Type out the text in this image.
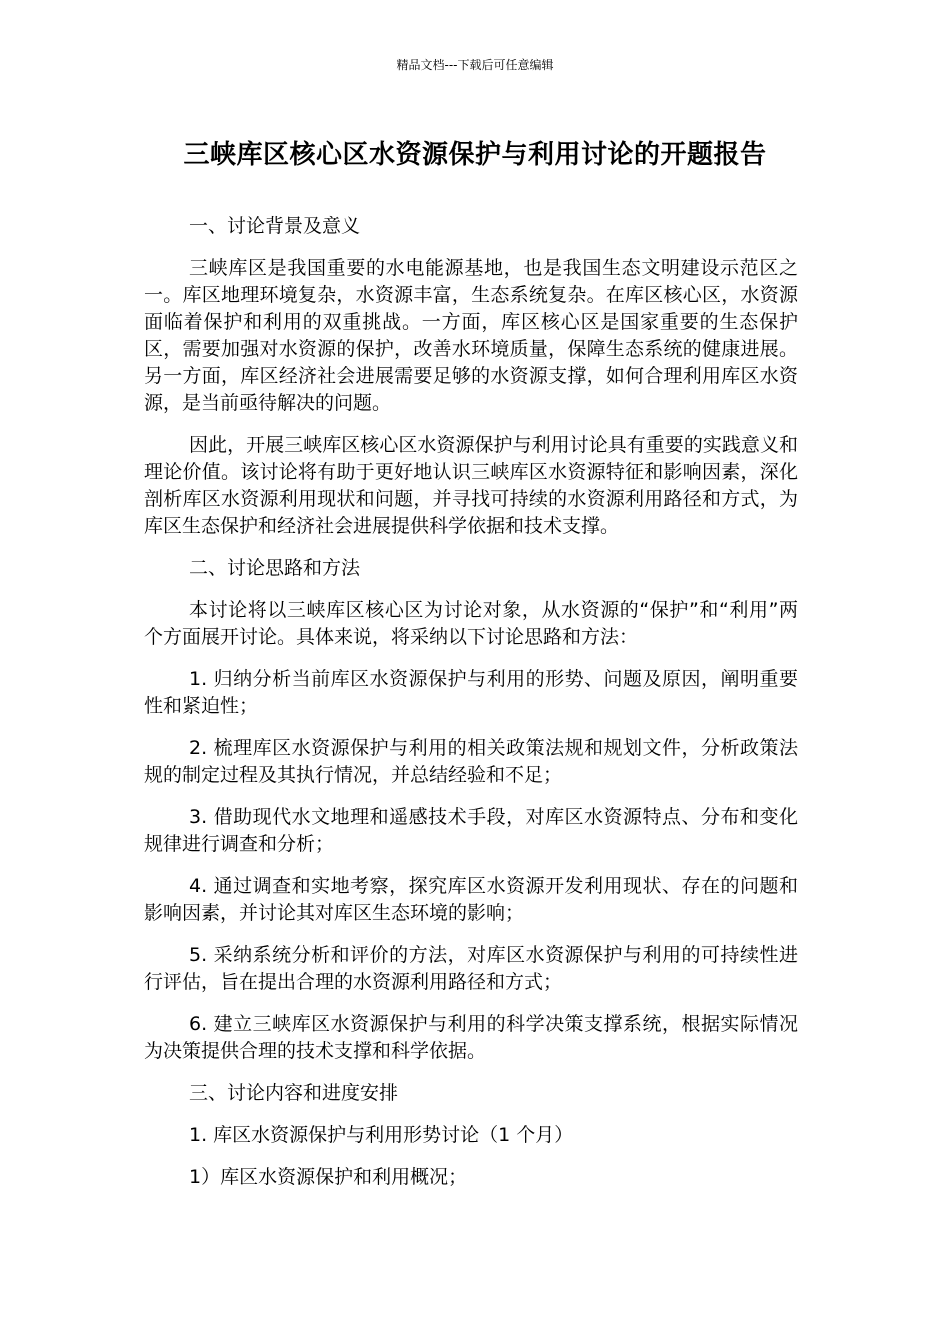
精品文档---下载后可任意编辑
三峡库区核心区水资源保护与利用讨论的开题报告

一、讨论背景及意义

三峡库区是我国重要的水电能源基地，也是我国生态文明建设示范区之一。库区地理环境复杂，水资源丰富，生态系统复杂。在库区核心区，水资源面临着保护和利用的双重挑战。一方面，库区核心区是国家重要的生态保护区，需要加强对水资源的保护，改善水环境质量，保障生态系统的健康进展。另一方面，库区经济社会进展需要足够的水资源支撑，如何合理利用库区水资源，是当前亟待解决的问题。

因此，开展三峡库区核心区水资源保护与利用讨论具有重要的实践意义和理论价值。该讨论将有助于更好地认识三峡库区水资源特征和影响因素，深化剖析库区水资源利用现状和问题，并寻找可持续的水资源利用路径和方式，为库区生态保护和经济社会进展提供科学依据和技术支撑。

二、讨论思路和方法

本讨论将以三峡库区核心区为讨论对象，从水资源的“保护”和“利用”两个方面展开讨论。具体来说，将采纳以下讨论思路和方法：

1. 归纳分析当前库区水资源保护与利用的形势、问题及原因，阐明重要性和紧迫性；

2. 梳理库区水资源保护与利用的相关政策法规和规划文件，分析政策法规的制定过程及其执行情况，并总结经验和不足；

3. 借助现代水文地理和遥感技术手段，对库区水资源特点、分布和变化规律进行调查和分析；

4. 通过调查和实地考察，探究库区水资源开发利用现状、存在的问题和影响因素，并讨论其对库区生态环境的影响；

5. 采纳系统分析和评价的方法，对库区水资源保护与利用的可持续性进行评估，旨在提出合理的水资源利用路径和方式；

6. 建立三峡库区水资源保护与利用的科学决策支撑系统，根据实际情况为决策提供合理的技术支撑和科学依据。

三、讨论内容和进度安排

1. 库区水资源保护与利用形势讨论（1 个月）

1）库区水资源保护和利用概况；
